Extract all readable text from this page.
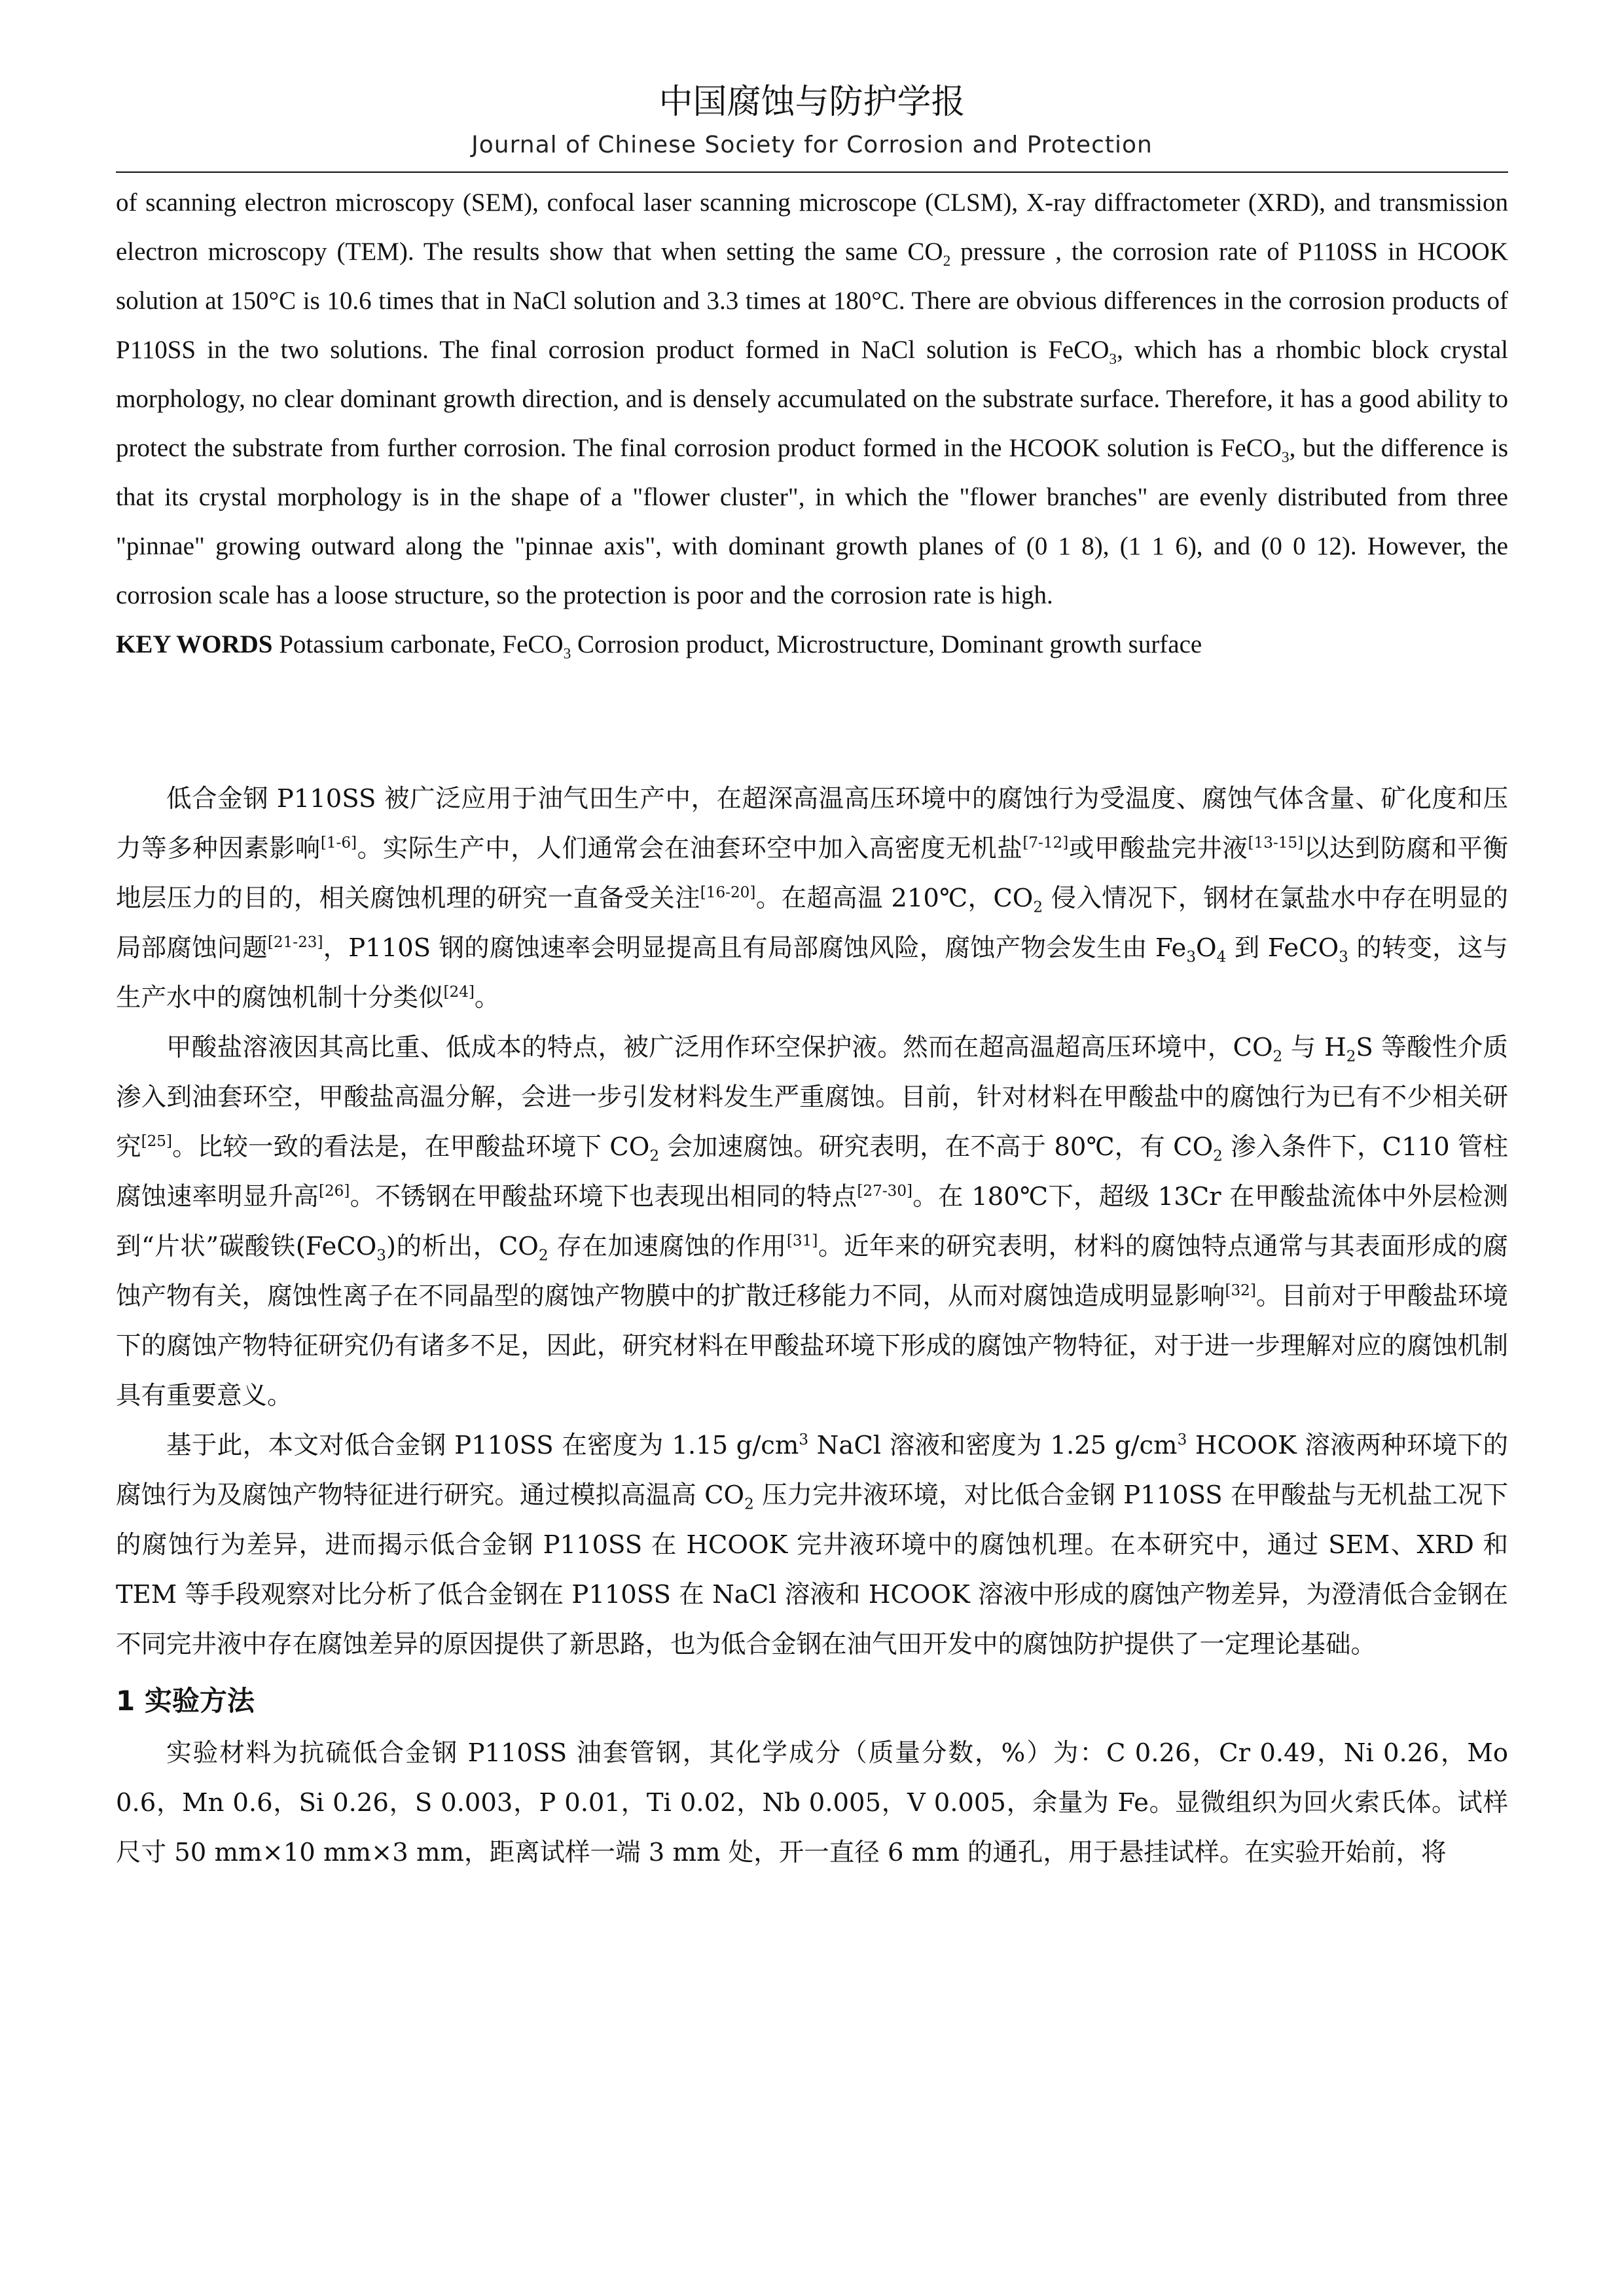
中国腐蚀与防护学报
Journal of Chinese Society for Corrosion and Protection

of scanning electron microscopy (SEM), confocal laser scanning microscope (CLSM), X-ray diffractometer (XRD), and transmission electron microscopy (TEM). The results show that when setting the same $CO_2$ pressure , the corrosion rate of P110SS in HCOOK solution at 150°C is 10.6 times that in NaCl solution and 3.3 times at 180°C. There are obvious differences in the corrosion products of P110SS in the two solutions. The final corrosion product formed in NaCl solution is FeCO$_3$, which has a rhombic block crystal morphology, no clear dominant growth direction, and is densely accumulated on the substrate surface. Therefore, it has a good ability to protect the substrate from further corrosion. The final corrosion product formed in the HCOOK solution is FeCO$_3$, but the difference is that its crystal morphology is in the shape of a "flower cluster", in which the "flower branches" are evenly distributed from three "pinnae" growing outward along the "pinnae axis", with dominant growth planes of (0 1 8), (1 1 6), and (0 0 12). However, the corrosion scale has a loose structure, so the protection is poor and the corrosion rate is high.

KEY WORDS Potassium carbonate, FeCO$_3$ Corrosion product, Microstructure, Dominant growth surface

低合金钢 P110SS 被广泛应用于油气田生产中，在超深高温高压环境中的腐蚀行为受温度、腐蚀气体含量、矿化度和压力等多种因素影响[1-6]。实际生产中，人们通常会在油套环空中加入高密度无机盐[7-12]或甲酸盐完井液[13-15]以达到防腐和平衡地层压力的目的，相关腐蚀机理的研究一直备受关注[16-20]。在超高温 210℃，$CO_2$ 侵入情况下，钢材在氯盐水中存在明显的局部腐蚀问题[21-23]，P110S 钢的腐蚀速率会明显提高且有局部腐蚀风险，腐蚀产物会发生由 $Fe_3O_4$ 到 FeCO$_3$ 的转变，这与生产水中的腐蚀机制十分类似[24]。

甲酸盐溶液因其高比重、低成本的特点，被广泛用作环空保护液。然而在超高温超高压环境中，$CO_2$ 与 $H_2S$ 等酸性介质渗入到油套环空，甲酸盐高温分解，会进一步引发材料发生严重腐蚀。目前，针对材料在甲酸盐中的腐蚀行为已有不少相关研究[25]。比较一致的看法是，在甲酸盐环境下 $CO_2$ 会加速腐蚀。研究表明，在不高于 80℃，有 $CO_2$ 渗入条件下，C110 管柱腐蚀速率明显升高[26]。不锈钢在甲酸盐环境下也表现出相同的特点[27-30]。在 180℃下，超级 13Cr 在甲酸盐流体中外层检测到“片状”碳酸铁(FeCO$_3$)的析出，$CO_2$ 存在加速腐蚀的作用[31]。近年来的研究表明，材料的腐蚀特点通常与其表面形成的腐蚀产物有关，腐蚀性离子在不同晶型的腐蚀产物膜中的扩散迁移能力不同，从而对腐蚀造成明显影响[32]。目前对于甲酸盐环境下的腐蚀产物特征研究仍有诸多不足，因此，研究材料在甲酸盐环境下形成的腐蚀产物特征，对于进一步理解对应的腐蚀机制具有重要意义。

基于此，本文对低合金钢 P110SS 在密度为 1.15 $g/cm^3$ NaCl 溶液和密度为 1.25 $g/cm^3$ HCOOK 溶液两种环境下的腐蚀行为及腐蚀产物特征进行研究。通过模拟高温高 $CO_2$ 压力完井液环境，对比低合金钢 P110SS 在甲酸盐与无机盐工况下的腐蚀行为差异，进而揭示低合金钢 P110SS 在 HCOOK 完井液环境中的腐蚀机理。在本研究中，通过 SEM、XRD 和 TEM 等手段观察对比分析了低合金钢在 P110SS 在 NaCl 溶液和 HCOOK 溶液中形成的腐蚀产物差异，为澄清低合金钢在不同完井液中存在腐蚀差异的原因提供了新思路，也为低合金钢在油气田开发中的腐蚀防护提供了一定理论基础。

1 实验方法

实验材料为抗硫低合金钢 P110SS 油套管钢，其化学成分（质量分数，%）为：C 0.26，Cr 0.49，Ni 0.26，Mo 0.6，Mn 0.6，Si 0.26，S 0.003，P 0.01，Ti 0.02，Nb 0.005，V 0.005，余量为 Fe。显微组织为回火索氏体。试样尺寸 50 mm×10 mm×3 mm，距离试样一端 3 mm 处，开一直径 6 mm 的通孔，用于悬挂试样。在实验开始前，将
